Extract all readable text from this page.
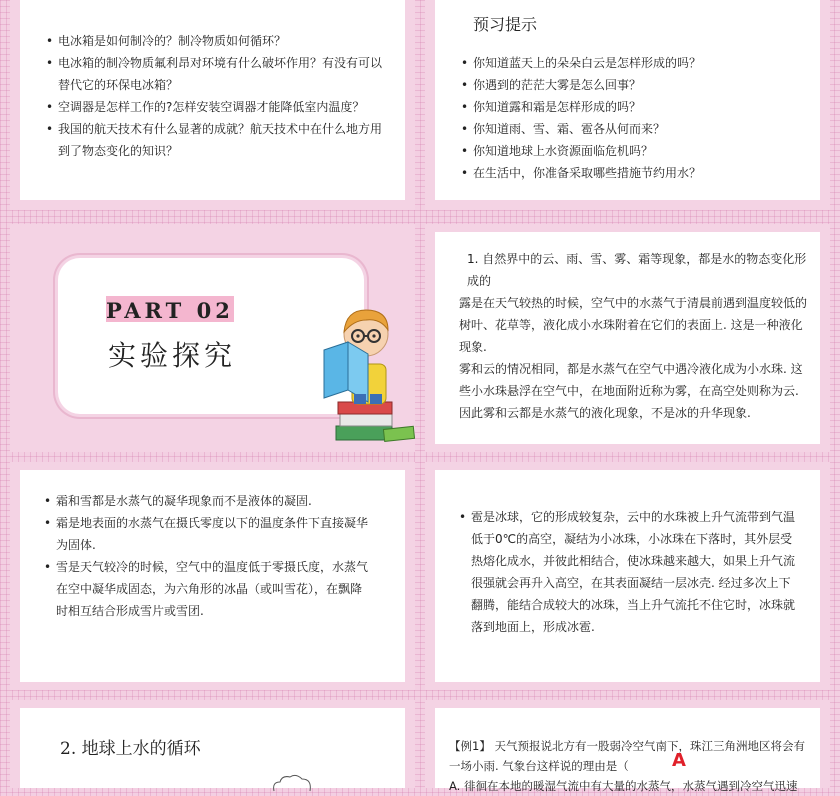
• 电冰箱是如何制冷的？制冷物质如何循环？
• 电冰箱的制冷物质氟利昂对环境有什么破坏作用？有没有可以替代它的环保电冰箱？
• 空调器是怎样工作的?怎样安装空调器才能降低室内温度？
• 我国的航天技术有什么显著的成就？航天技术中在什么地方用到了物态变化的知识？
预习提示
• 你知道蓝天上的朵朵白云是怎样形成的吗？
• 你遇到的茫茫大雾是怎么回事？
• 你知道露和霜是怎样形成的吗？
• 你知道雨、雪、霜、雹各从何而来？
• 你知道地球上水资源面临危机吗？
• 在生活中，你准备采取哪些措施节约用水？
PART 02
实验探究

1. 自然界中的云、雨、雪、雾、霜等现象，都是水的物态变化形成的

露是在天气较热的时候，空气中的水蒸气于清晨前遇到温度较低的树叶、花草等，液化成小水珠附着在它们的表面上. 这是一种液化现象.

雾和云的情况相同，都是水蒸气在空气中遇冷液化成为小水珠. 这些小水珠悬浮在空气中，在地面附近称为雾，在高空处则称为云. 因此雾和云都是水蒸气的液化现象，不是冰的升华现象.

• 霜和雪都是水蒸气的凝华现象而不是液体的凝固.
• 霜是地表面的水蒸气在摄氏零度以下的温度条件下直接凝华为固体.
• 雪是天气较冷的时候，空气中的温度低于零摄氏度，水蒸气在空中凝华成固态，为六角形的冰晶（或叫雪花），在飘降时相互结合形成雪片或雪团.
• 雹是冰球，它的形成较复杂，云中的水珠被上升气流带到气温低于0℃的高空，凝结为小冰珠，小冰珠在下落时，其外层受热熔化成水，并彼此相结合，使冰珠越来越大，如果上升气流很强就会再升入高空，在其表面凝结一层冰壳. 经过多次上下翻腾，能结合成较大的冰珠，当上升气流托不住它时，冰珠就落到地面上，形成冰雹.
2. 地球上水的循环	【例1】 天气预报说北方有一股弱冷空气南下，珠江三角洲地区将会有一场小雨. 气象台这样说的理由是（

A. 徘徊在本地的暖湿气流中有大量的水蒸气，水蒸气遇到冷空气迅速

A
